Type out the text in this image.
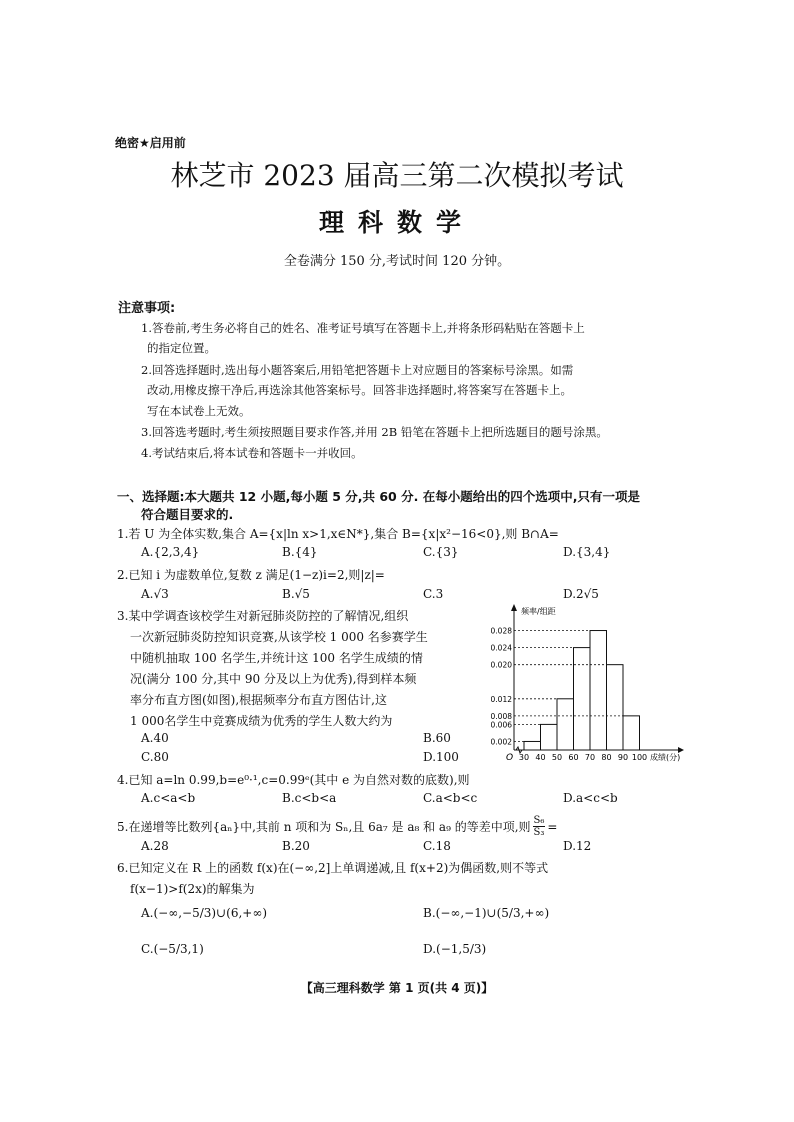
绝密★启用前
林芝市 2023 届高三第二次模拟考试
理科数学
全卷满分 150 分,考试时间 120 分钟。
注意事项:
1.答卷前,考生务必将自己的姓名、准考证号填写在答题卡上,并将条形码粘贴在答题卡上
的指定位置。
2.回答选择题时,选出每小题答案后,用铅笔把答题卡上对应题目的答案标号涂黑。如需
改动,用橡皮擦干净后,再选涂其他答案标号。回答非选择题时,将答案写在答题卡上。
写在本试卷上无效。
3.回答选考题时,考生须按照题目要求作答,并用 2B 铅笔在答题卡上把所选题目的题号涂黑。
4.考试结束后,将本试卷和答题卡一并收回。
一、选择题:本大题共 12 小题,每小题 5 分,共 60 分. 在每小题给出的四个选项中,只有一项是
符合题目要求的.
1.若 U 为全体实数,集合 A={x|ln x>1,x∈N*},集合 B={x|x²−16<0},则 B∩A=
A.{2,3,4}	B.{4}	C.{3}	D.{3,4}
2.已知 i 为虚数单位,复数 z 满足(1−z)i=2,则|z|=
A.√3	B.√5	C.3	D.2√5
3.某中学调查该校学生对新冠肺炎防控的了解情况,组织
一次新冠肺炎防控知识竞赛,从该学校 1 000 名参赛学生
中随机抽取 100 名学生,并统计这 100 名学生成绩的情
况(满分 100 分,其中 90 分及以上为优秀),得到样本频
率分布直方图(如图),根据频率分布直方图估计,这
1 000名学生中竞赛成绩为优秀的学生人数大约为
A.40	B.60
C.80	D.100
频率/组距
O	成绩(分)
0.002
0.006
0.008
0.012
0.020
0.024
0.028
30 40 50 60 70 80 90 100
4.已知 a=ln 0.99,b=e⁰·¹,c=0.99ᵉ(其中 e 为自然对数的底数),则
A.c<a<b	B.c<b<a	C.a<b<c	D.a<c<b
5.在递增等比数列{aₙ}中,其前 n 项和为 Sₙ,且 6a₇ 是 a₈ 和 a₉ 的等差中项,则 $\frac{\text{S₆}}{\text{S₃}}$ =
A.28	B.20	C.18	D.12
6.已知定义在 R 上的函数 f(x)在(−∞,2]上单调递减,且 f(x+2)为偶函数,则不等式
f(x−1)>f(2x)的解集为
A.(−∞,−5/3)∪(6,+∞)	B.(−∞,−1)∪(5/3,+∞)
C.(−5/3,1)	D.(−1,5/3)
【高三理科数学 第 1 页(共 4 页)】
